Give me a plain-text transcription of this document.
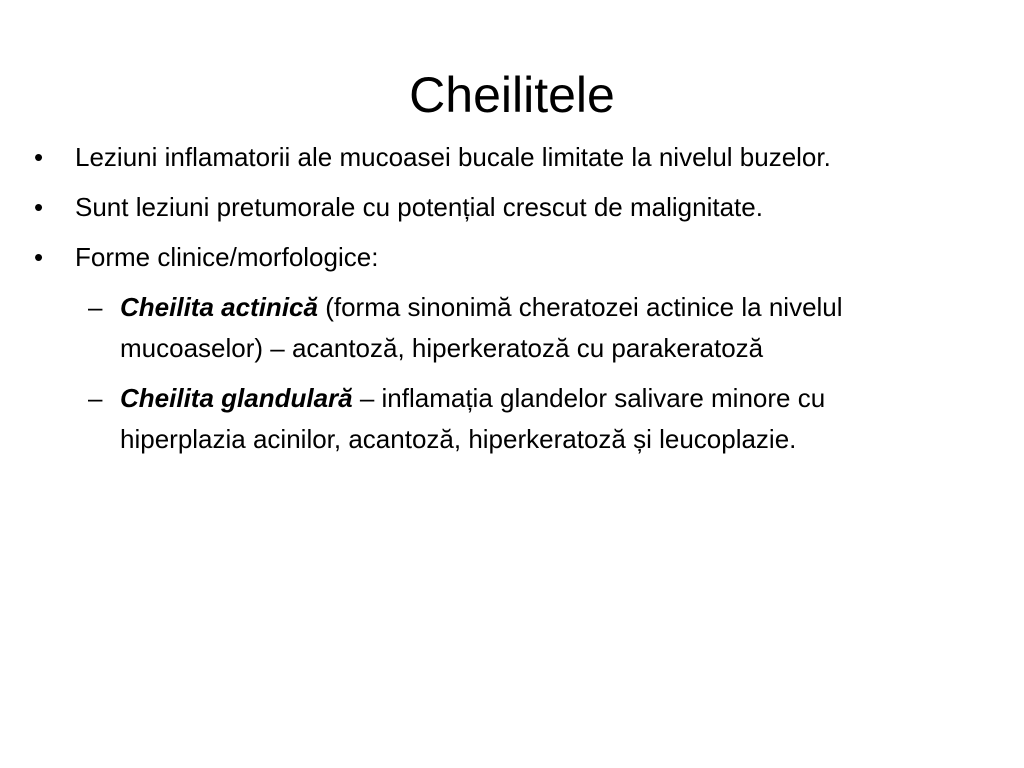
Cheilitele

• Leziuni inflamatorii ale mucoasei bucale limitate la nivelul buzelor.

• Sunt leziuni pretumorale cu potențial crescut de malignitate.

• Forme clinice/morfologice:

– Cheilita actinică (forma sinonimă cheratozei actinice la nivelul mucoaselor) – acantoză, hiperkeratoză cu parakeratoză

– Cheilita glandulară – inflamația glandelor salivare minore cu hiperplazia acinilor, acantoză, hiperkeratoză și leucoplazie.
